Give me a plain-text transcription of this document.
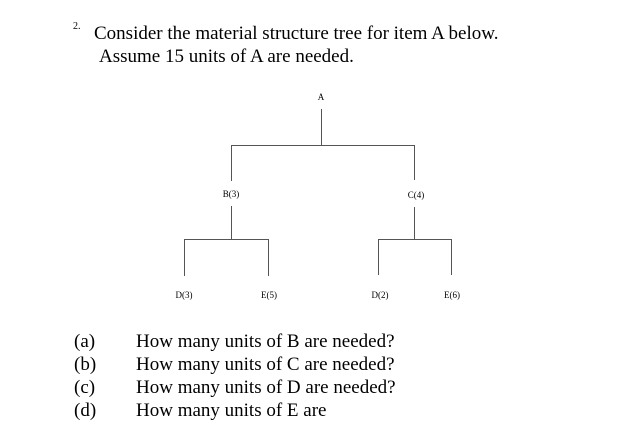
2. Consider the material structure tree for item A below.
Assume 15 units of A are needed.
A
B(3)	C(4)
D(3)	E(5)	D(2)	E(6)
(a)	How many units of B are needed?
(b)	How many units of C are needed?
(c)	How many units of D are needed?
(d)	How many units of E are
